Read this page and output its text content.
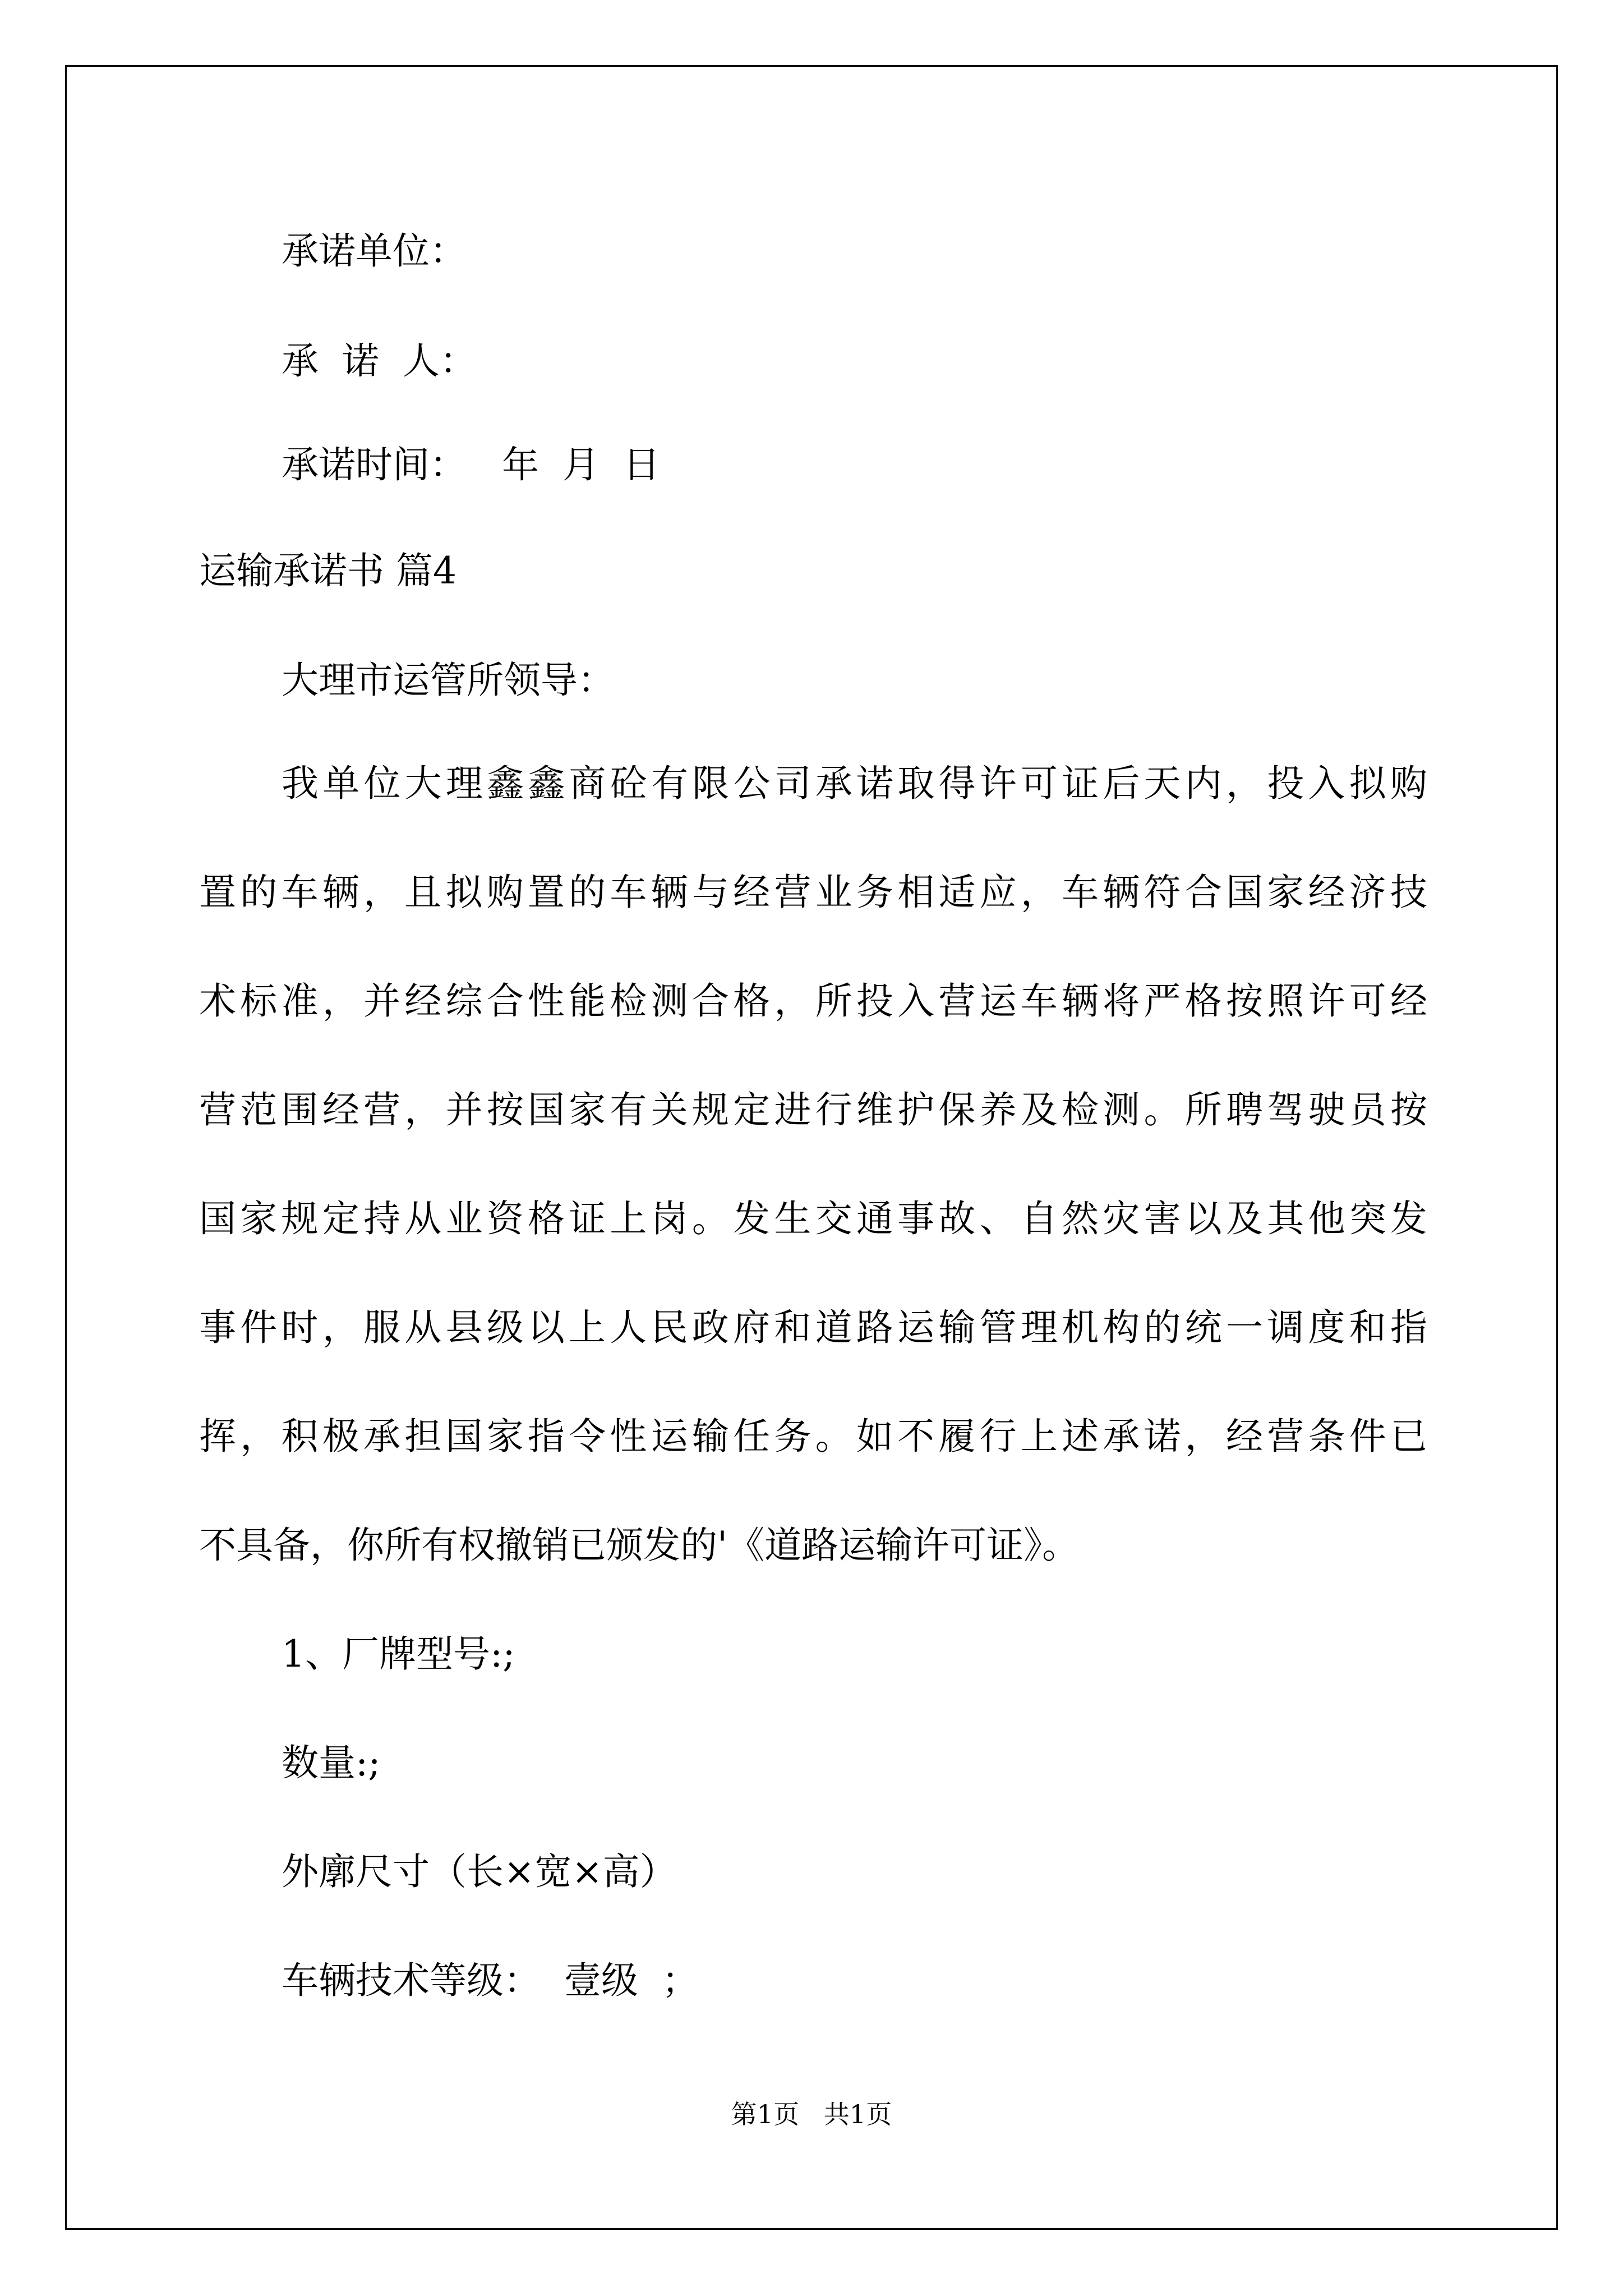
承诺单位：
承  诺  人：
承诺时间：   年  月  日
运输承诺书 篇4
大理市运管所领导：
我单位大理鑫鑫商砼有限公司承诺取得许可证后天内，投入拟购
置的车辆，且拟购置的车辆与经营业务相适应，车辆符合国家经济技
术标准，并经综合性能检测合格，所投入营运车辆将严格按照许可经
营范围经营，并按国家有关规定进行维护保养及检测。所聘驾驶员按
国家规定持从业资格证上岗。发生交通事故、自然灾害以及其他突发
事件时，服从县级以上人民政府和道路运输管理机构的统一调度和指
挥，积极承担国家指令性运输任务。如不履行上述承诺，经营条件已
不具备，你所有权撤销已颁发的'《道路运输许可证》。
1、厂牌型号:;
数量:;
外廓尺寸（长×宽×高）
车辆技术等级：  壹级  ；
第1页   共1页
